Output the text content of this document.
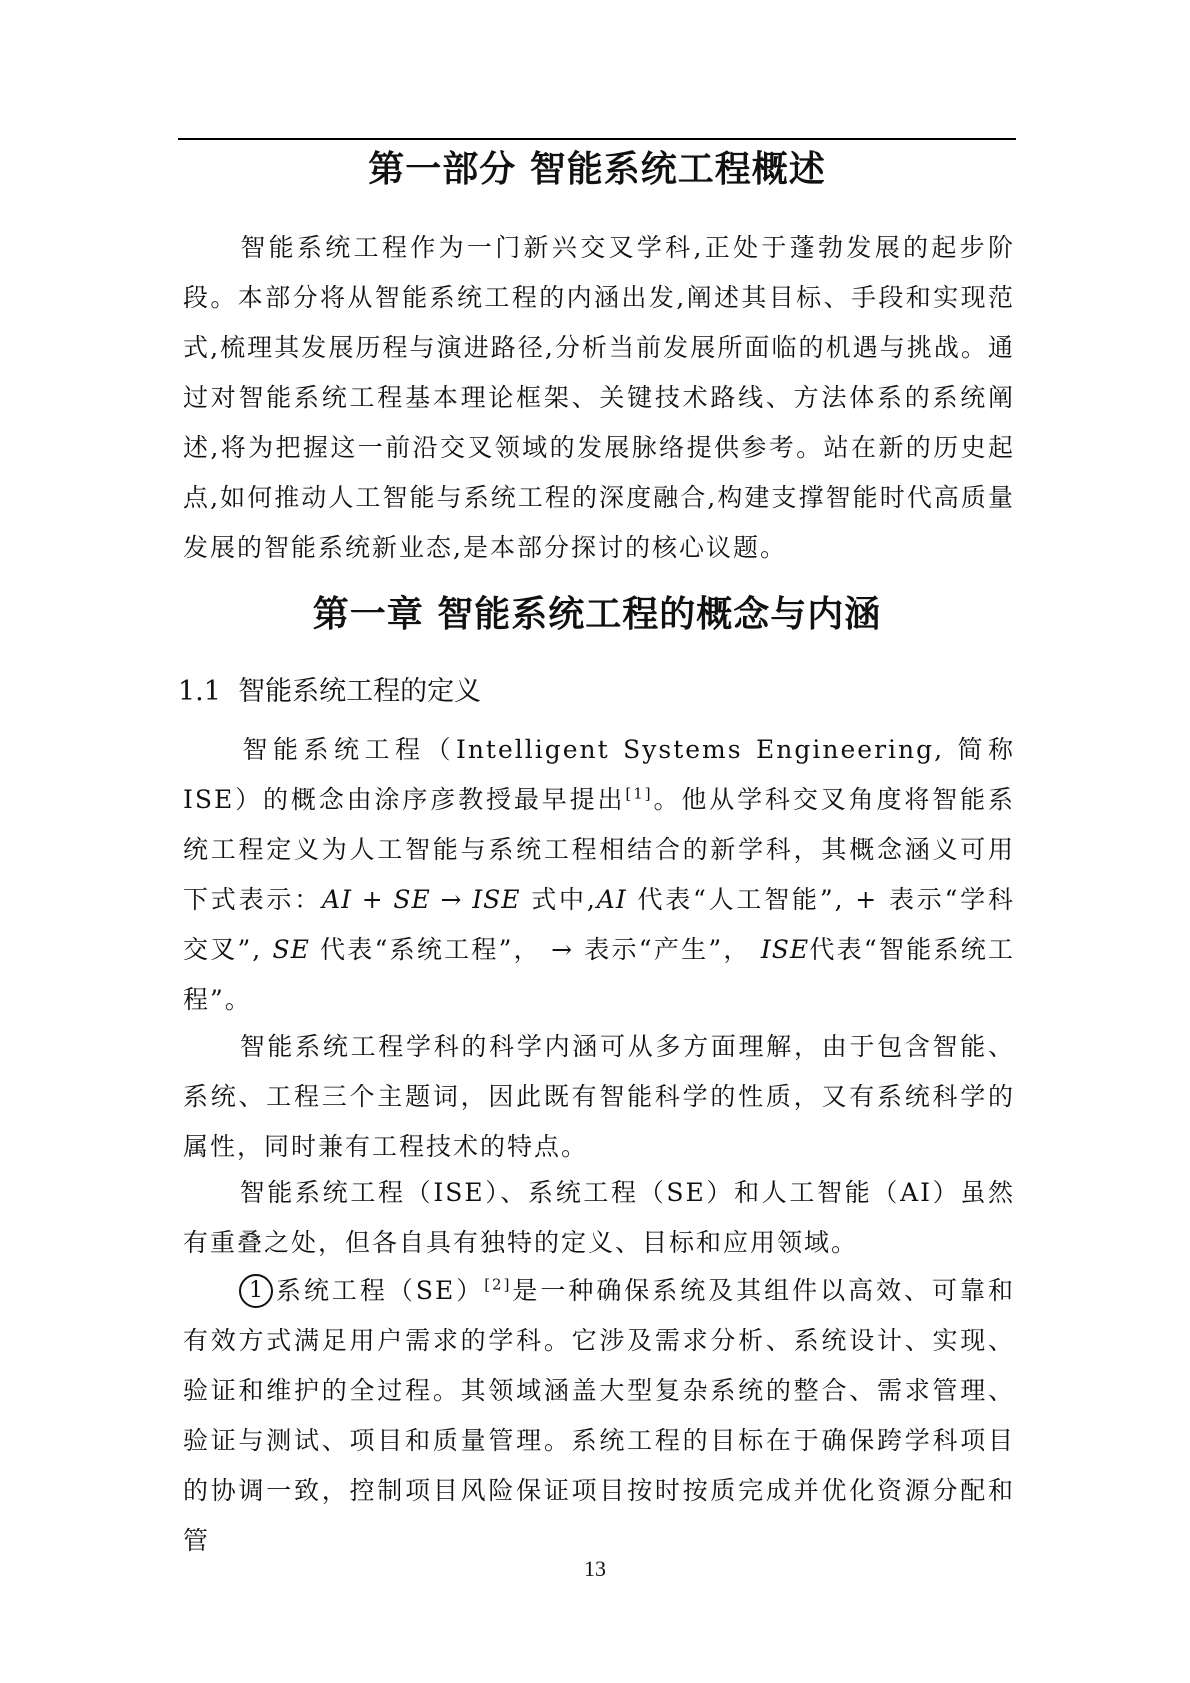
第一部分 智能系统工程概述

智能系统工程作为一门新兴交叉学科,正处于蓬勃发展的起步阶段。本部分将从智能系统工程的内涵出发,阐述其目标、手段和实现范式,梳理其发展历程与演进路径,分析当前发展所面临的机遇与挑战。通过对智能系统工程基本理论框架、关键技术路线、方法体系的系统阐述,将为把握这一前沿交叉领域的发展脉络提供参考。站在新的历史起点,如何推动人工智能与系统工程的深度融合,构建支撑智能时代高质量发展的智能系统新业态,是本部分探讨的核心议题。

第一章 智能系统工程的概念与内涵
1.1 智能系统工程的定义

智能系统工程（Intelligent Systems Engineering, 简称 ISE）的概念由涂序彦教授最早提出[1]。他从学科交叉角度将智能系统工程定义为人工智能与系统工程相结合的新学科，其概念涵义可用下式表示：AI + SE → ISE 式中,AI 代表“人工智能”, + 表示“学科交叉”, SE 代表“系统工程”， → 表示“产生”， ISE代表“智能系统工程”。

智能系统工程学科的科学内涵可从多方面理解，由于包含智能、系统、工程三个主题词，因此既有智能科学的性质，又有系统科学的属性，同时兼有工程技术的特点。

智能系统工程（ISE）、系统工程（SE）和人工智能（AI）虽然有重叠之处，但各自具有独特的定义、目标和应用领域。

1 系统工程（SE）[2]是一种确保系统及其组件以高效、可靠和有效方式满足用户需求的学科。它涉及需求分析、系统设计、实现、验证和维护的全过程。其领域涵盖大型复杂系统的整合、需求管理、验证与测试、项目和质量管理。系统工程的目标在于确保跨学科项目的协调一致，控制项目风险保证项目按时按质完成并优化资源分配和管

13
